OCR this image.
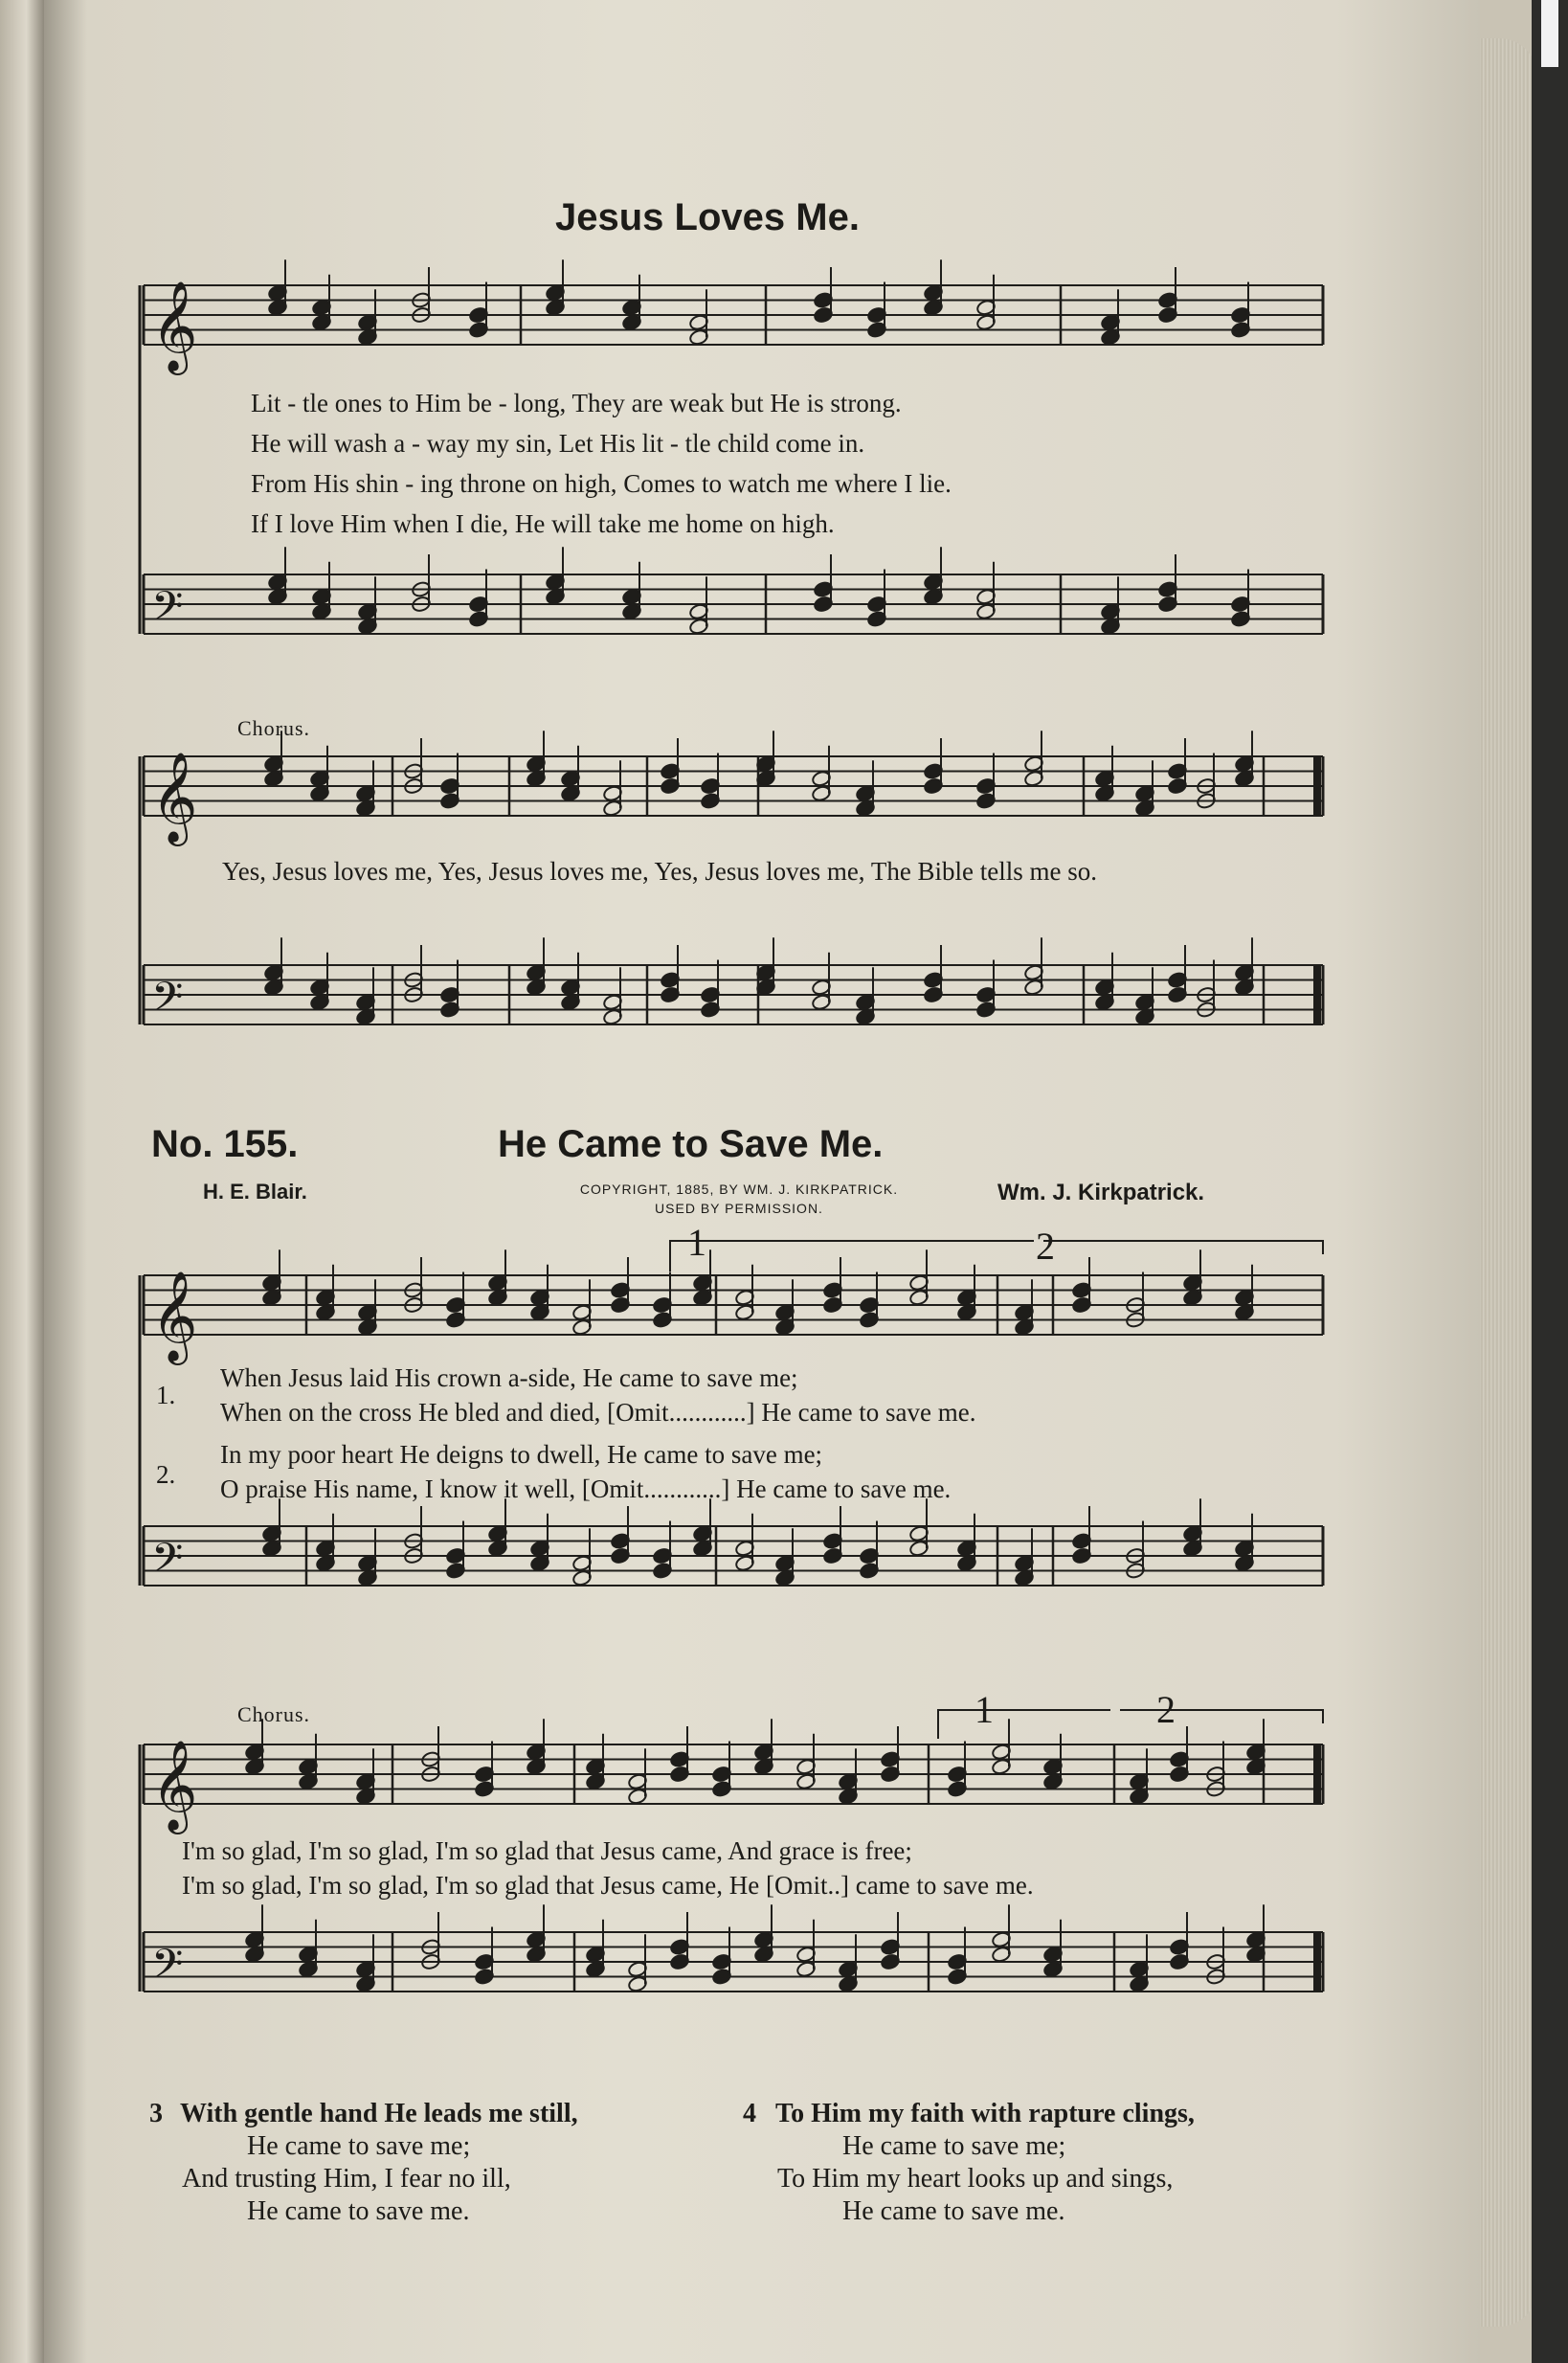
𝄞
𝄢
𝄞
𝄢
𝄞
𝄢
𝄞
𝄢
Jesus Loves Me.
Lit - tle ones to Him be - long, They are weak but He is strong.
He will wash a - way my sin, Let His lit - tle child come in.
From His shin - ing throne on high, Comes to watch me where I lie.
If I love Him when I die, He will take me home on high.
Chorus.
Yes, Jesus loves me, Yes, Jesus loves me, Yes, Jesus loves me, The Bible tells me so.
No. 155.	He Came to Save Me.
H. E. Blair.	COPYRIGHT, 1885, BY WM. J. KIRKPATRICK.
USED BY PERMISSION.
Wm. J. Kirkpatrick.
1	2
1.
When Jesus laid His crown a-side, He came to save me;
When on the cross He bled and died, [Omit............] He came to save me.
2.
In my poor heart He deigns to dwell, He came to save me;
O praise His name, I know it well, [Omit............] He came to save me.
Chorus.	1	2
I'm so glad, I'm so glad, I'm so glad that Jesus came, And grace is free;
I'm so glad, I'm so glad, I'm so glad that Jesus came, He [Omit..] came to save me.
3 With gentle hand He leads me still,
He came to save me;
And trusting Him, I fear no ill,
He came to save me.
4 To Him my faith with rapture clings,
He came to save me;
To Him my heart looks up and sings,
He came to save me.
